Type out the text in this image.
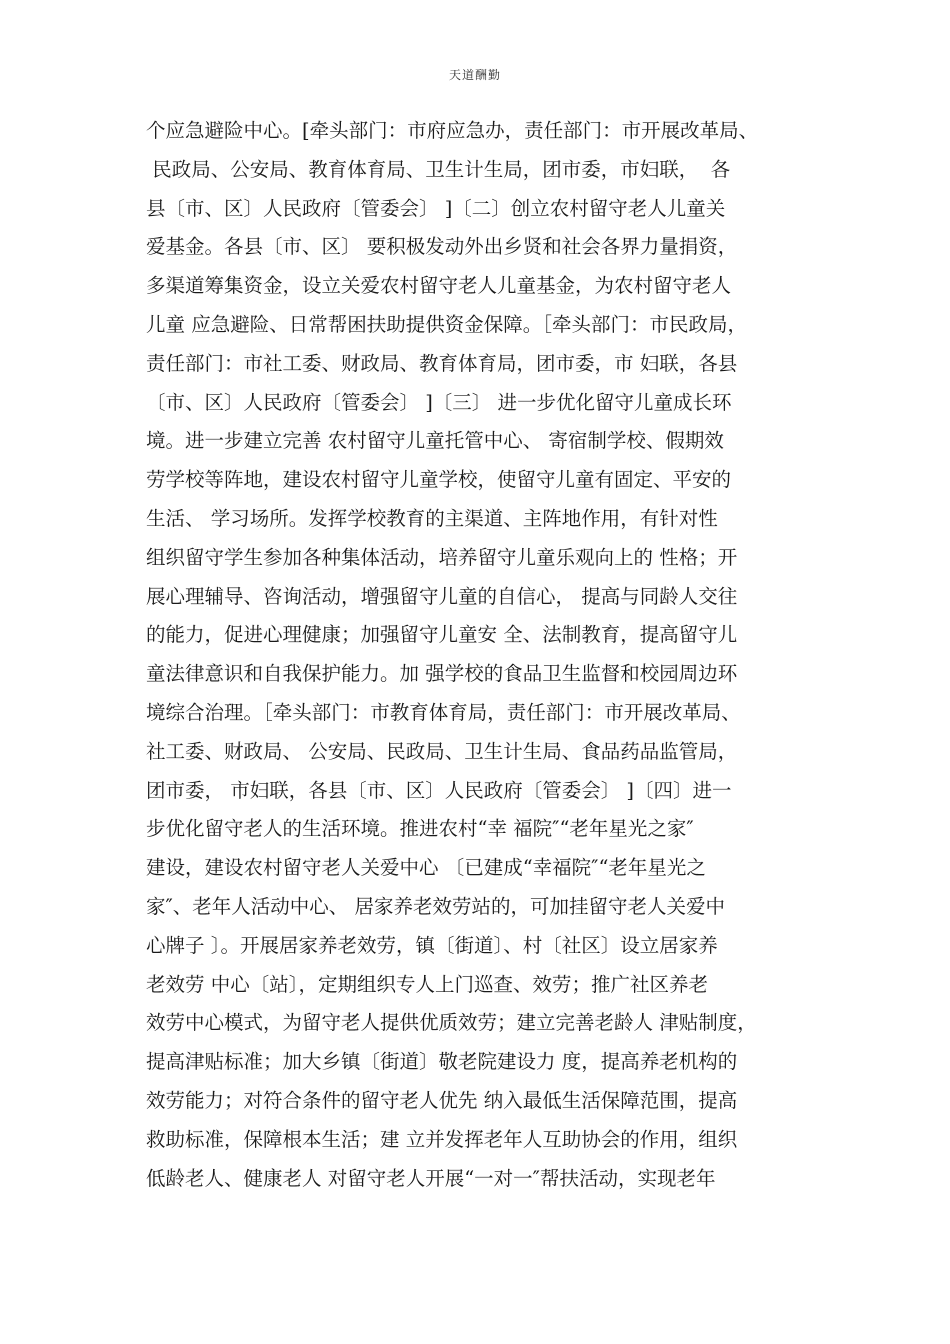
天道酬勤
个应急避险中心。[牵头部门：市府应急办，责任部门：市开展改革局、
民政局、公安局、教育体育局、卫生计生局，团市委，市妇联，  各
县〔市、区〕人民政府〔管委会〕 ]〔二〕创立农村留守老人儿童关
爱基金。各县〔市、区〕 要积极发动外出乡贤和社会各界力量捐资，
多渠道筹集资金，设立关爱农村留守老人儿童基金，为农村留守老人
儿童 应急避险、日常帮困扶助提供资金保障。［牵头部门：市民政局，
责任部门：市社工委、财政局、教育体育局，团市委，市 妇联，各县
〔市、区〕人民政府〔管委会〕 ]〔三〕 进一步优化留守儿童成长环
境。进一步建立完善 农村留守儿童托管中心、 寄宿制学校、假期效
劳学校等阵地，建设农村留守儿童学校，使留守儿童有固定、平安的
生活、 学习场所。发挥学校教育的主渠道、主阵地作用，有针对性
组织留守学生参加各种集体活动，培养留守儿童乐观向上的 性格；开
展心理辅导、咨询活动，增强留守儿童的自信心， 提高与同龄人交往
的能力，促进心理健康；加强留守儿童安 全、法制教育，提高留守儿
童法律意识和自我保护能力。加 强学校的食品卫生监督和校园周边环
境综合治理。［牵头部门：市教育体育局，责任部门：市开展改革局、
社工委、财政局、 公安局、民政局、卫生计生局、食品药品监管局，
团市委， 市妇联，各县〔市、区〕人民政府〔管委会〕 ]〔四〕进一
步优化留守老人的生活环境。推进农村“幸 福院″“老年星光之家″
建设，建设农村留守老人关爱中心 〔已建成“幸福院″“老年星光之
家″、老年人活动中心、 居家养老效劳站的，可加挂留守老人关爱中
心牌子 〕。开展居家养老效劳，镇〔街道〕、村〔社区〕设立居家养
老效劳 中心〔站〕，定期组织专人上门巡查、效劳；推广社区养老
效劳中心模式，为留守老人提供优质效劳；建立完善老龄人 津贴制度，
提高津贴标准；加大乡镇〔街道〕敬老院建设力 度，提高养老机构的
效劳能力；对符合条件的留守老人优先 纳入最低生活保障范围，提高
救助标准，保障根本生活；建 立并发挥老年人互助协会的作用，组织
低龄老人、健康老人 对留守老人开展“一对一″帮扶活动，实现老年
